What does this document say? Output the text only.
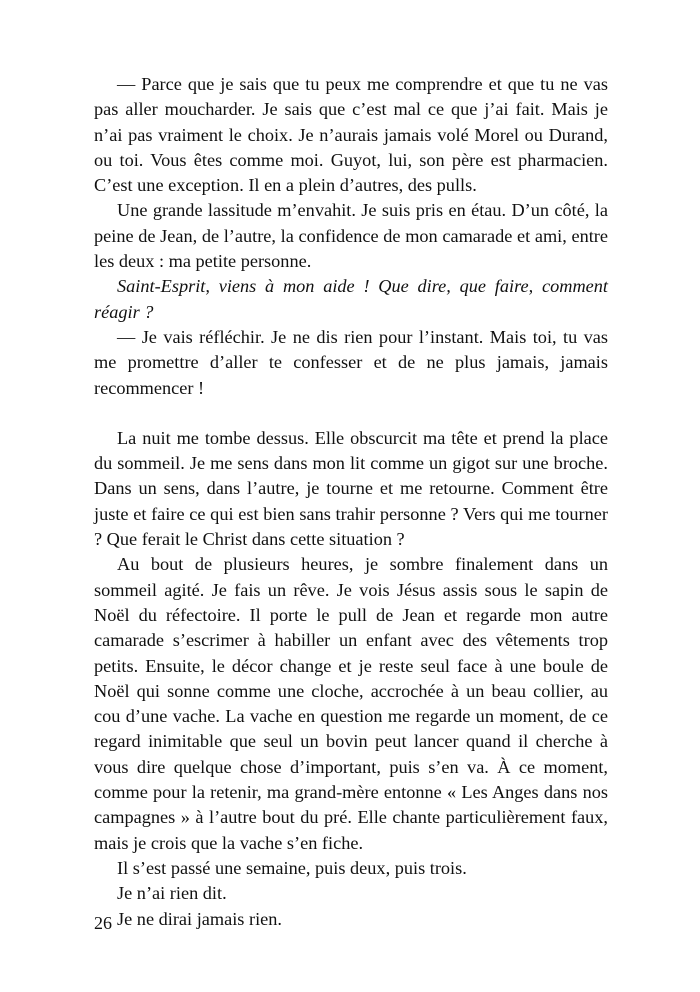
— Parce que je sais que tu peux me comprendre et que tu ne vas pas aller moucharder. Je sais que c’est mal ce que j’ai fait. Mais je n’ai pas vraiment le choix. Je n’aurais jamais volé Morel ou Durand, ou toi. Vous êtes comme moi. Guyot, lui, son père est pharmacien. C’est une exception. Il en a plein d’autres, des pulls.

Une grande lassitude m’envahit. Je suis pris en étau. D’un côté, la peine de Jean, de l’autre, la confidence de mon camarade et ami, entre les deux : ma petite personne.

Saint-Esprit, viens à mon aide ! Que dire, que faire, comment réagir ?

— Je vais réfléchir. Je ne dis rien pour l’instant. Mais toi, tu vas me promettre d’aller te confesser et de ne plus jamais, jamais recommencer !

La nuit me tombe dessus. Elle obscurcit ma tête et prend la place du sommeil. Je me sens dans mon lit comme un gigot sur une broche. Dans un sens, dans l’autre, je tourne et me retourne. Comment être juste et faire ce qui est bien sans trahir personne ? Vers qui me tourner ? Que ferait le Christ dans cette situation ?

Au bout de plusieurs heures, je sombre finalement dans un sommeil agité. Je fais un rêve. Je vois Jésus assis sous le sapin de Noël du réfectoire. Il porte le pull de Jean et regarde mon autre camarade s’escrimer à habiller un enfant avec des vêtements trop petits. Ensuite, le décor change et je reste seul face à une boule de Noël qui sonne comme une cloche, accrochée à un beau collier, au cou d’une vache. La vache en question me regarde un moment, de ce regard inimitable que seul un bovin peut lancer quand il cherche à vous dire quelque chose d’important, puis s’en va. À ce moment, comme pour la retenir, ma grand-mère entonne « Les Anges dans nos campagnes » à l’autre bout du pré. Elle chante particulièrement faux, mais je crois que la vache s’en fiche.

Il s’est passé une semaine, puis deux, puis trois.

Je n’ai rien dit.

Je ne dirai jamais rien.

26
